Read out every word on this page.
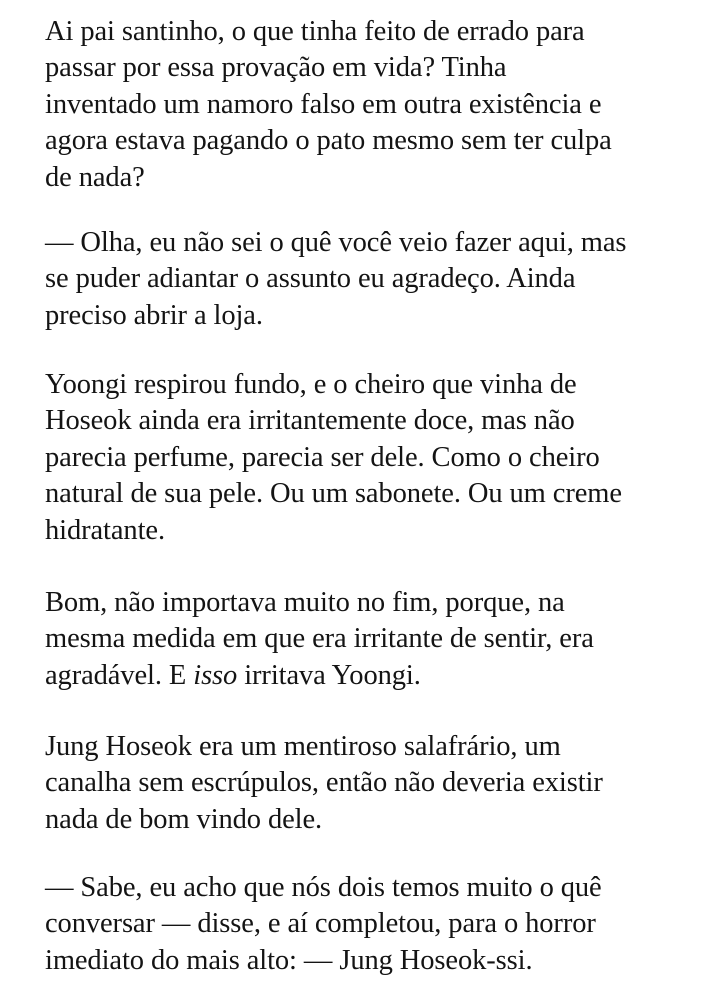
Ai pai santinho, o que tinha feito de errado para
passar por essa provação em vida? Tinha
inventado um namoro falso em outra existência e
agora estava pagando o pato mesmo sem ter culpa
de nada?

— Olha, eu não sei o quê você veio fazer aqui, mas
se puder adiantar o assunto eu agradeço. Ainda
preciso abrir a loja.

Yoongi respirou fundo, e o cheiro que vinha de
Hoseok ainda era irritantemente doce, mas não
parecia perfume, parecia ser dele. Como o cheiro
natural de sua pele. Ou um sabonete. Ou um creme
hidratante.

Bom, não importava muito no fim, porque, na
mesma medida em que era irritante de sentir, era
agradável. E isso irritava Yoongi.

Jung Hoseok era um mentiroso salafrário, um
canalha sem escrúpulos, então não deveria existir
nada de bom vindo dele.

— Sabe, eu acho que nós dois temos muito o quê
conversar — disse, e aí completou, para o horror
imediato do mais alto: — Jung Hoseok-ssi.
